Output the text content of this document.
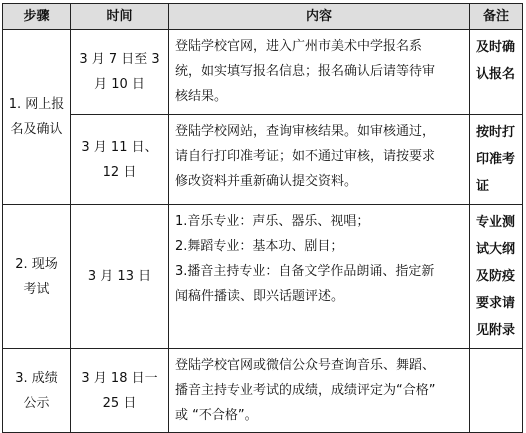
步骤	时间	内容	备注

1. 网上报
名及确认	3 月 7 日至 3
月 10 日	登陆学校官网，进入广州市美术中学报名系
统，如实填写报名信息；报名确认后请等待审
核结果。	及时确
认报名

	3 月 11 日、
12 日	登陆学校网站，查询审核结果。如审核通过，
请自行打印准考证；如不通过审核，请按要求
修改资料并重新确认提交资料。	按时打
印准考
证

2. 现场
考试	3 月 13 日	1.音乐专业：声乐、器乐、视唱；
2.舞蹈专业：基本功、剧目；
3.播音主持专业：自备文学作品朗诵、指定新
闻稿件播读、即兴话题评述。	专业测
试大纲
及防疫
要求请
见附录

3. 成绩
公示	3 月 18 日一
25 日	登陆学校官网或微信公众号查询音乐、舞蹈、
播音主持专业考试的成绩，成绩评定为“合格”
或 “不合格”。	
